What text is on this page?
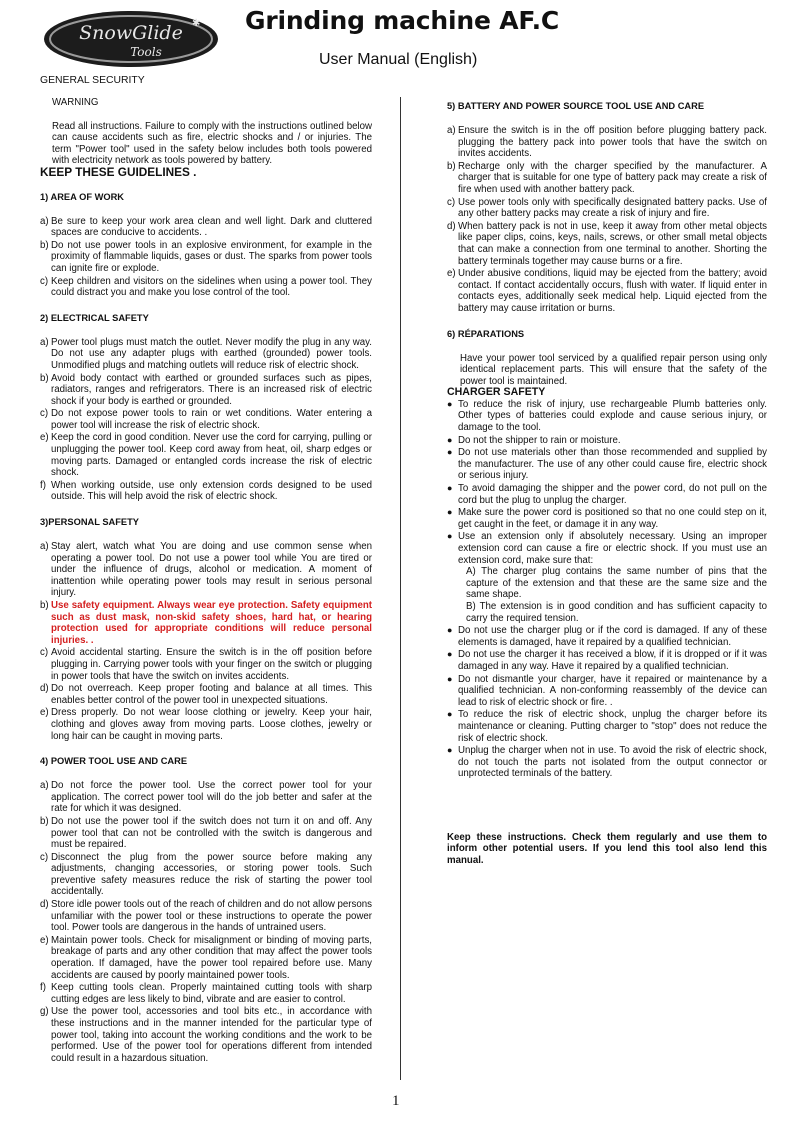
SnowGlide
Tools
✱ Grinding machine AF.C
User Manual (English)
GENERAL SECURITY

WARNING

Read all instructions. Failure to comply with the instructions outlined below can cause accidents such as fire, electric shocks and / or injuries. The term "Power tool" used in the safety below includes both tools powered with electricity network as tools powered by battery.

KEEP THESE GUIDELINES .

1) AREA OF WORK
a) Be sure to keep your work area clean and well light. Dark and cluttered spaces are conducive to accidents. .
b) Do not use power tools in an explosive environment, for example in the proximity of flammable liquids, gases or dust. The sparks from power tools can ignite fire or explode.
c) Keep children and visitors on the sidelines when using a power tool. They could distract you and make you lose control of the tool.
2) ELECTRICAL SAFETY
a) Power tool plugs must match the outlet. Never modify the plug in any way. Do not use any adapter plugs with earthed (grounded) power tools. Unmodified plugs and matching outlets will reduce risk of electric shock.
b) Avoid body contact with earthed or grounded surfaces such as pipes, radiators, ranges and refrigerators. There is an increased risk of electric shock if your body is earthed or grounded.
c) Do not expose power tools to rain or wet conditions. Water entering a power tool will increase the risk of electric shock.
e) Keep the cord in good condition. Never use the cord for carrying, pulling or unplugging the power tool. Keep cord away from heat, oil, sharp edges or moving parts. Damaged or entangled cords increase the risk of electric shock.
f) When working outside, use only extension cords designed to be used outside. This will help avoid the risk of electric shock.
3)PERSONAL SAFETY
a) Stay alert, watch what You are doing and use common sense when operating a power tool. Do not use a power tool while You are tired or under the influence of drugs, alcohol or medication. A moment of inattention while operating power tools may result in serious personal injury.
b) Use safety equipment. Always wear eye protection. Safety equipment such as dust mask, non-skid safety shoes, hard hat, or hearing protection used for appropriate conditions will reduce personal injuries. .
c) Avoid accidental starting. Ensure the switch is in the off position before plugging in. Carrying power tools with your finger on the switch or plugging in power tools that have the switch on invites accidents.
d) Do not overreach. Keep proper footing and balance at all times. This enables better control of the power tool in unexpected situations.
e) Dress properly. Do not wear loose clothing or jewelry. Keep your hair, clothing and gloves away from moving parts. Loose clothes, jewelry or long hair can be caught in moving parts.
4) POWER TOOL USE AND CARE
a) Do not force the power tool. Use the correct power tool for your application. The correct power tool will do the job better and safer at the rate for which it was designed.
b) Do not use the power tool if the switch does not turn it on and off. Any power tool that can not be controlled with the switch is dangerous and must be repaired.
c) Disconnect the plug from the power source before making any adjustments, changing accessories, or storing power tools. Such preventive safety measures reduce the risk of starting the power tool accidentally.
d) Store idle power tools out of the reach of children and do not allow persons unfamiliar with the power tool or these instructions to operate the power tool. Power tools are dangerous in the hands of untrained users.
e) Maintain power tools. Check for misalignment or binding of moving parts, breakage of parts and any other condition that may affect the power tools operation. If damaged, have the power tool repaired before use. Many accidents are caused by poorly maintained power tools.
f) Keep cutting tools clean. Properly maintained cutting tools with sharp cutting edges are less likely to bind, vibrate and are easier to control.
g) Use the power tool, accessories and tool bits etc., in accordance with these instructions and in the manner intended for the particular type of power tool, taking into account the working conditions and the work to be performed. Use of the power tool for operations different from intended could result in a hazardous situation.
5) BATTERY AND POWER SOURCE TOOL USE AND CARE
a) Ensure the switch is in the off position before plugging battery pack. plugging the battery pack into power tools that have the switch on invites accidents.
b) Recharge only with the charger specified by the manufacturer. A charger that is suitable for one type of battery pack may create a risk of fire when used with another battery pack.
c) Use power tools only with specifically designated battery packs. Use of any other battery packs may create a risk of injury and fire.
d) When battery pack is not in use, keep it away from other metal objects like paper clips, coins, keys, nails, screws, or other small metal objects that can make a connection from one terminal to another. Shorting the battery terminals together may cause burns or a fire.
e) Under abusive conditions, liquid may be ejected from the battery; avoid contact. If contact accidentally occurs, flush with water. If liquid enter in contacts eyes, additionally seek medical help. Liquid ejected from the battery may cause irritation or burns.
6) RÉPARATIONS

Have your power tool serviced by a qualified repair person using only identical replacement parts. This will ensure that the safety of the power tool is maintained.

CHARGER SAFETY

● To reduce the risk of injury, use rechargeable Plumb batteries only. Other types of batteries could explode and cause serious injury, or damage to the tool.
● Do not the shipper to rain or moisture.
● Do not use materials other than those recommended and supplied by the manufacturer. The use of any other could cause fire, electric shock or serious injury.
● To avoid damaging the shipper and the power cord, do not pull on the cord but the plug to unplug the charger.
● Make sure the power cord is positioned so that no one could step on it, get caught in the feet, or damage it in any way.
● Use an extension only if absolutely necessary. Using an improper extension cord can cause a fire or electric shock. If you must use an extension cord, make sure that:
A) The charger plug contains the same number of pins that the capture of the extension and that these are the same size and the same shape.
B) The extension is in good condition and has sufficient capacity to carry the required tension.
● Do not use the charger plug or if the cord is damaged. If any of these elements is damaged, have it repaired by a qualified technician.
● Do not use the charger it has received a blow, if it is dropped or if it was damaged in any way. Have it repaired by a qualified technician.
● Do not dismantle your charger, have it repaired or maintenance by a qualified technician. A non-conforming reassembly of the device can lead to risk of electric shock or fire. .
● To reduce the risk of electric shock, unplug the charger before its maintenance or cleaning. Putting charger to "stop" does not reduce the risk of electric shock.
● Unplug the charger when not in use. To avoid the risk of electric shock, do not touch the parts not isolated from the output connector or unprotected terminals of the battery.

Keep these instructions. Check them regularly and use them to inform other potential users. If you lend this tool also lend this manual.

1
